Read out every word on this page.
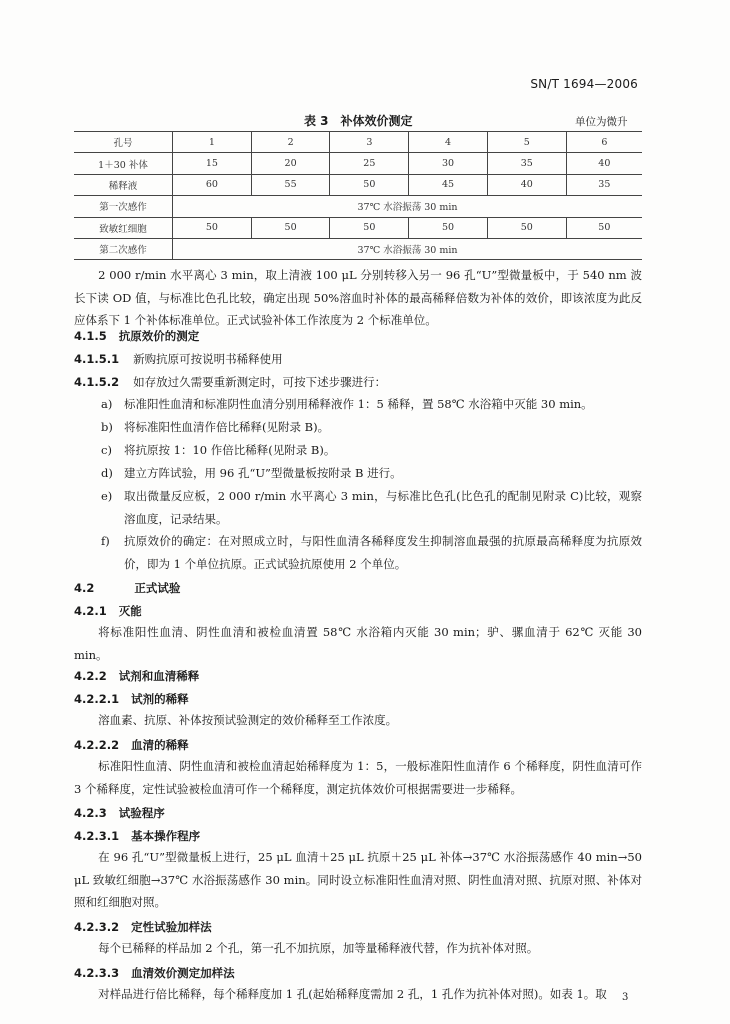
SN/T 1694—2006
表 3　补体效价测定	单位为微升
孔号	1	2	3	4	5	6
1＋30 补体	15	20	25	30	35	40
稀释液	60	55	50	45	40	35
第一次感作	37℃ 水浴振荡 30 min					
致敏红细胞	50	50	50	50	50	50
第二次感作	37℃ 水浴振荡 30 min					
2 000 r/min 水平离心 3 min，取上清液 100 μL 分别转移入另一 96 孔“U”型微量板中，于 540 nm 波长下读 OD 值，与标准比色孔比较，确定出现 50%溶血时补体的最高稀释倍数为补体的效价，即该浓度为此反应体系下 1 个补体标准单位。正式试验补体工作浓度为 2 个标准单位。
4.1.5 抗原效价的测定
4.1.5.1 新购抗原可按说明书稀释使用
4.1.5.2 如存放过久需要重新测定时，可按下述步骤进行：
a) 标准阳性血清和标准阴性血清分别用稀释液作 1：5 稀释，置 58℃ 水浴箱中灭能 30 min。
b) 将标准阳性血清作倍比稀释(见附录 B)。
c) 将抗原按 1：10 作倍比稀释(见附录 B)。
d) 建立方阵试验，用 96 孔“U”型微量板按附录 B 进行。
e) 取出微量反应板，2 000 r/min 水平离心 3 min，与标准比色孔(比色孔的配制见附录 C)比较，观察溶血度，记录结果。
f) 抗原效价的确定：在对照成立时，与阳性血清各稀释度发生抑制溶血最强的抗原最高稀释度为抗原效价，即为 1 个单位抗原。正式试验抗原使用 2 个单位。
4.2	正式试验
4.2.1 灭能
将标准阳性血清、阴性血清和被检血清置 58℃ 水浴箱内灭能 30 min；驴、骡血清于 62℃ 灭能 30 min。
4.2.2 试剂和血清稀释
4.2.2.1 试剂的稀释
溶血素、抗原、补体按预试验测定的效价稀释至工作浓度。
4.2.2.2 血清的稀释
标准阳性血清、阴性血清和被检血清起始稀释度为 1：5，一般标准阳性血清作 6 个稀释度，阴性血清可作 3 个稀释度，定性试验被检血清可作一个稀释度，测定抗体效价可根据需要进一步稀释。
4.2.3 试验程序
4.2.3.1 基本操作程序
在 96 孔“U”型微量板上进行，25 μL 血清＋25 μL 抗原＋25 μL 补体→37℃ 水浴振荡感作 40 min→50 μL 致敏红细胞→37℃ 水浴振荡感作 30 min。同时设立标准阳性血清对照、阴性血清对照、抗原对照、补体对照和红细胞对照。
4.2.3.2 定性试验加样法
每个已稀释的样品加 2 个孔，第一孔不加抗原，加等量稀释液代替，作为抗补体对照。
4.2.3.3 血清效价测定加样法
对样品进行倍比稀释，每个稀释度加 1 孔(起始稀释度需加 2 孔，1 孔作为抗补体对照)。如表 1。取	3
